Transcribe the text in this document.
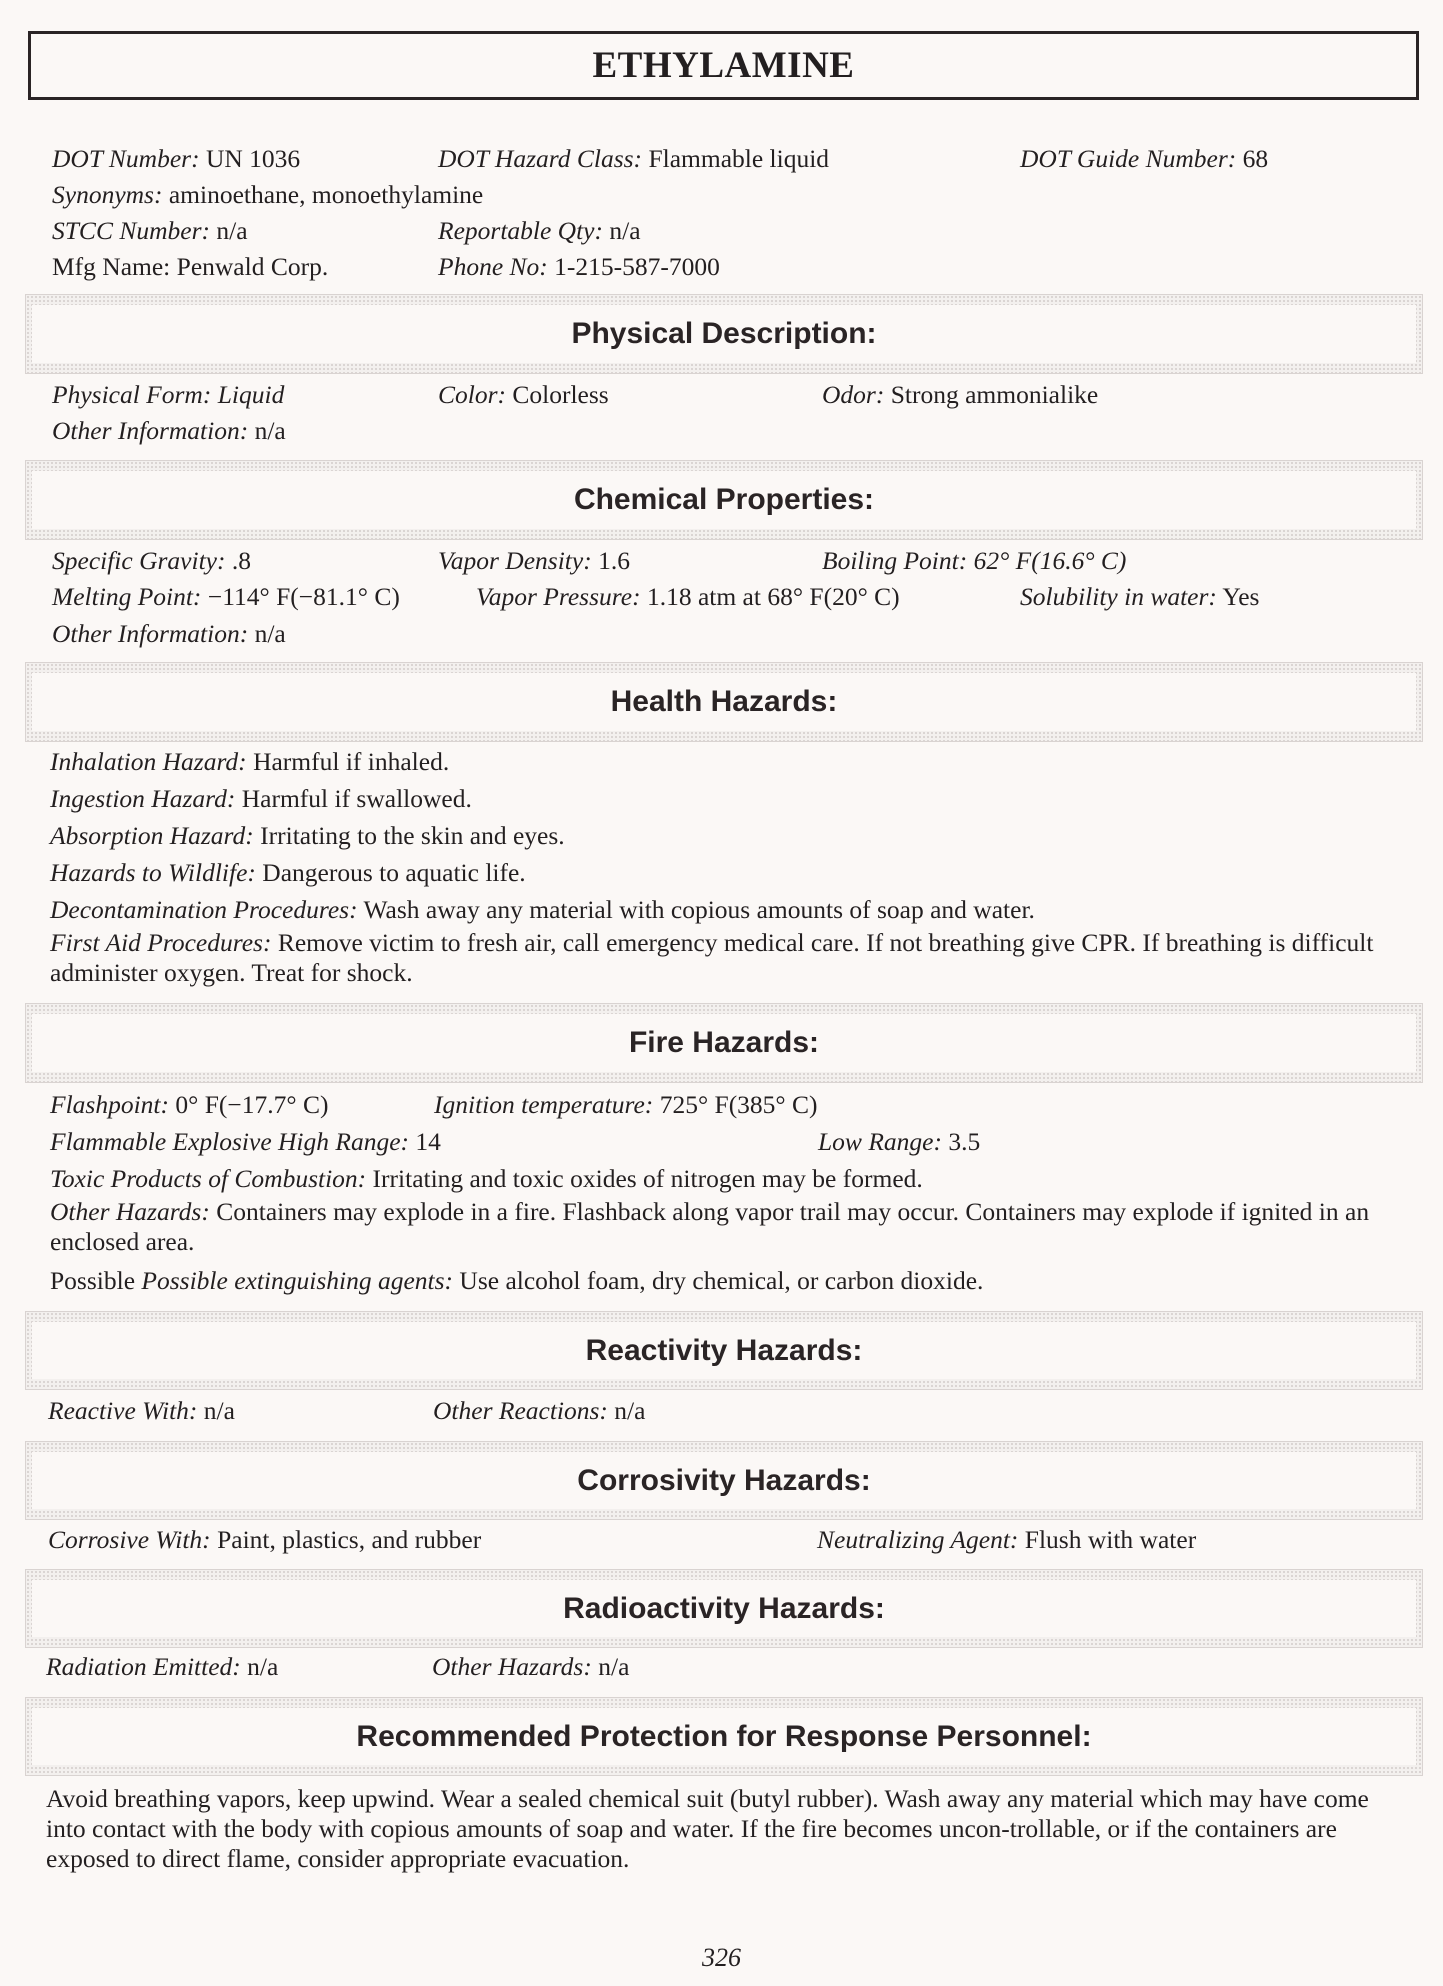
ETHYLAMINE
DOT Number: UN 1036	DOT Hazard Class: Flammable liquid	DOT Guide Number: 68
Synonyms: aminoethane, monoethylamine
STCC Number: n/a	Reportable Qty: n/a
Mfg Name: Penwald Corp.	Phone No: 1-215-587-7000
Physical Description:
Physical Form: Liquid	Color: Colorless	Odor: Strong ammonialike
Other Information: n/a
Chemical Properties:
Specific Gravity: .8	Vapor Density: 1.6	Boiling Point: 62° F(16.6° C)
Melting Point: −114° F(−81.1° C)	Vapor Pressure: 1.18 atm at 68° F(20° C)	Solubility in water: Yes
Other Information: n/a
Health Hazards:
Inhalation Hazard: Harmful if inhaled.
Ingestion Hazard: Harmful if swallowed.
Absorption Hazard: Irritating to the skin and eyes.
Hazards to Wildlife: Dangerous to aquatic life.
Decontamination Procedures: Wash away any material with copious amounts of soap and water.
First Aid Procedures: Remove victim to fresh air, call emergency medical care. If not breathing give CPR. If breathing is difficult administer oxygen. Treat for shock.
Fire Hazards:
Flashpoint: 0° F(−17.7° C)	Ignition temperature: 725° F(385° C)
Flammable Explosive High Range: 14	Low Range: 3.5
Toxic Products of Combustion: Irritating and toxic oxides of nitrogen may be formed.
Other Hazards: Containers may explode in a fire. Flashback along vapor trail may occur. Containers may explode if ignited in an enclosed area.
Possible Possible extinguishing agents: Use alcohol foam, dry chemical, or carbon dioxide.
Reactivity Hazards:
Reactive With: n/a	Other Reactions: n/a
Corrosivity Hazards:
Corrosive With: Paint, plastics, and rubber	Neutralizing Agent: Flush with water
Radioactivity Hazards:
Radiation Emitted: n/a	Other Hazards: n/a
Recommended Protection for Response Personnel:
Avoid breathing vapors, keep upwind. Wear a sealed chemical suit (butyl rubber). Wash away any material which may have come into contact with the body with copious amounts of soap and water. If the fire becomes uncon-trollable, or if the containers are exposed to direct flame, consider appropriate evacuation.
326
